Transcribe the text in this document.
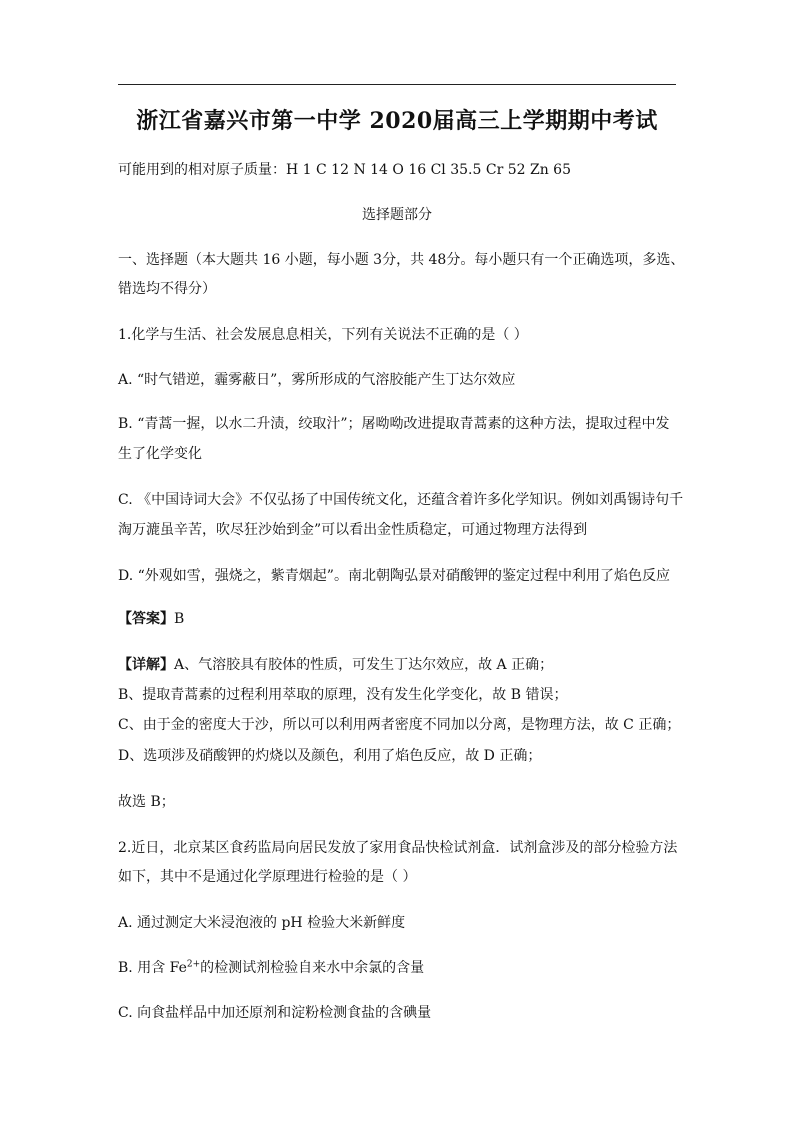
浙江省嘉兴市第一中学 2020届高三上学期期中考试
可能用到的相对原子质量：H 1 C 12 N 14 O 16 Cl 35.5 Cr 52 Zn 65
选择题部分
一、选择题（本大题共 16 小题，每小题 3分，共 48分。每小题只有一个正确选项，多选、
错选均不得分）
1.化学与生活、社会发展息息相关，下列有关说法不正确的是（ ）
A. “时气错逆，霾雾蔽日”，雾所形成的气溶胶能产生丁达尔效应
B. “青蒿一握，以水二升渍，绞取汁”；屠呦呦改进提取青蒿素的这种方法，提取过程中发
生了化学变化
C. 《中国诗词大会》不仅弘扬了中国传统文化，还蕴含着许多化学知识。例如刘禹锡诗句千
淘万漉虽辛苦，吹尽狂沙始到金”可以看出金性质稳定，可通过物理方法得到
D. “外观如雪，强烧之，紫青烟起”。南北朝陶弘景对硝酸钾的鉴定过程中利用了焰色反应
【答案】B
【详解】A、气溶胶具有胶体的性质，可发生丁达尔效应，故 A 正确；
B、提取青蒿素的过程利用萃取的原理，没有发生化学变化，故 B 错误；
C、由于金的密度大于沙，所以可以利用两者密度不同加以分离，是物理方法，故 C 正确；
D、选项涉及硝酸钾的灼烧以及颜色，利用了焰色反应，故 D 正确；
故选 B；
2.近日，北京某区食药监局向居民发放了家用食品快检试剂盒．试剂盒涉及的部分检验方法
如下，其中不是通过化学原理进行检验的是（ ）
A. 通过测定大米浸泡液的 pH 检验大米新鲜度
B. 用含 $Fe^{2+}$的检测试剂检验自来水中余氯的含量
C. 向食盐样品中加还原剂和淀粉检测食盐的含碘量
